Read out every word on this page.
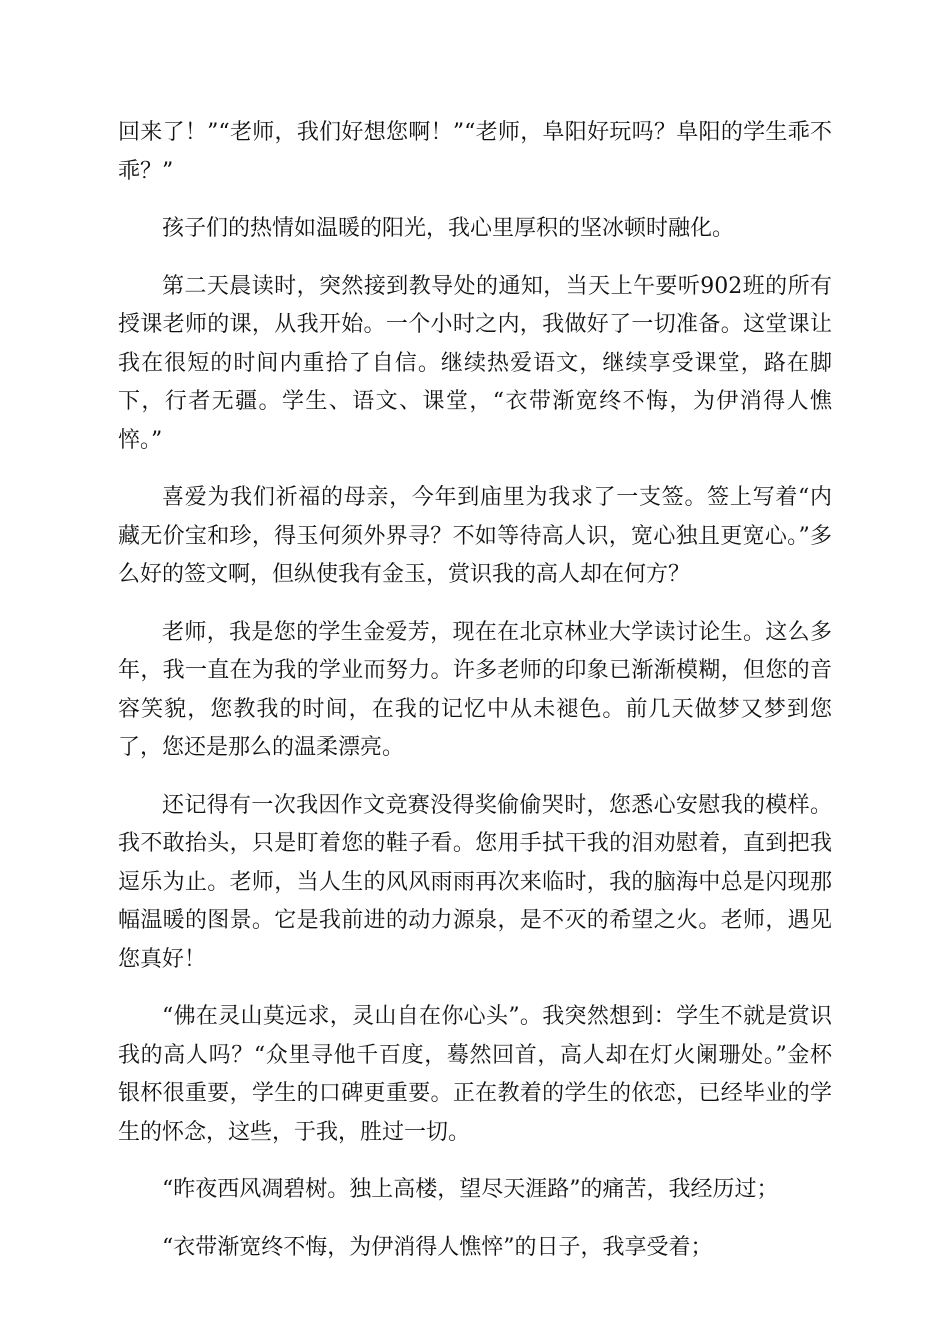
回来了！”“老师，我们好想您啊！”“老师，阜阳好玩吗？阜阳的学生乖不乖？”

孩子们的热情如温暖的阳光，我心里厚积的坚冰顿时融化。

第二天晨读时，突然接到教导处的通知，当天上午要听902班的所有授课老师的课，从我开始。一个小时之内，我做好了一切准备。这堂课让我在很短的时间内重拾了自信。继续热爱语文，继续享受课堂，路在脚下，行者无疆。学生、语文、课堂，“衣带渐宽终不悔，为伊消得人憔悴。”

喜爱为我们祈福的母亲，今年到庙里为我求了一支签。签上写着“内藏无价宝和珍，得玉何须外界寻？不如等待高人识，宽心独且更宽心。”多么好的签文啊，但纵使我有金玉，赏识我的高人却在何方？

老师，我是您的学生金爱芳，现在在北京林业大学读讨论生。这么多年，我一直在为我的学业而努力。许多老师的印象已渐渐模糊，但您的音容笑貌，您教我的时间，在我的记忆中从未褪色。前几天做梦又梦到您了，您还是那么的温柔漂亮。

还记得有一次我因作文竞赛没得奖偷偷哭时，您悉心安慰我的模样。我不敢抬头，只是盯着您的鞋子看。您用手拭干我的泪劝慰着，直到把我逗乐为止。老师，当人生的风风雨雨再次来临时，我的脑海中总是闪现那幅温暖的图景。它是我前进的动力源泉，是不灭的希望之火。老师，遇见您真好！

“佛在灵山莫远求，灵山自在你心头”。我突然想到：学生不就是赏识我的高人吗？“众里寻他千百度，蓦然回首，高人却在灯火阑珊处。”金杯银杯很重要，学生的口碑更重要。正在教着的学生的依恋，已经毕业的学生的怀念，这些，于我，胜过一切。

“昨夜西风凋碧树。独上高楼，望尽天涯路”的痛苦，我经历过；

“衣带渐宽终不悔，为伊消得人憔悴”的日子，我享受着；
